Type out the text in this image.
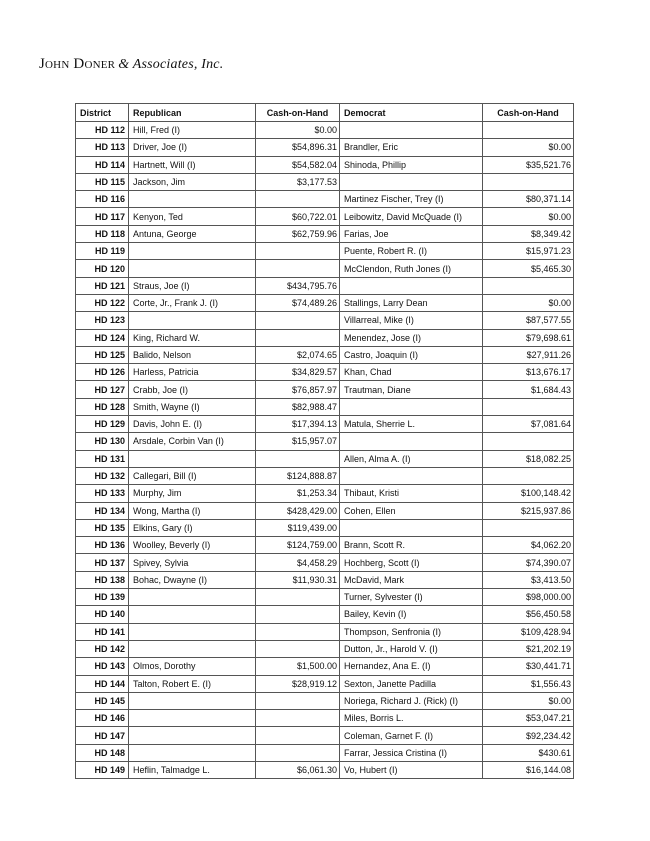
John Doner & Associates, Inc.
District	Republican	Cash-on-Hand	Democrat	Cash-on-Hand
HD 112	Hill, Fred (I)	$0.00		
HD 113	Driver, Joe (I)	$54,896.31	Brandler, Eric	$0.00
HD 114	Hartnett, Will (I)	$54,582.04	Shinoda, Phillip	$35,521.76
HD 115	Jackson, Jim	$3,177.53		
HD 116			Martinez Fischer, Trey (I)	$80,371.14
HD 117	Kenyon, Ted	$60,722.01	Leibowitz, David McQuade (I)	$0.00
HD 118	Antuna, George	$62,759.96	Farias, Joe	$8,349.42
HD 119			Puente, Robert R. (I)	$15,971.23
HD 120			McClendon, Ruth Jones (I)	$5,465.30
HD 121	Straus, Joe (I)	$434,795.76		
HD 122	Corte, Jr., Frank J. (I)	$74,489.26	Stallings, Larry Dean	$0.00
HD 123			Villarreal, Mike (I)	$87,577.55
HD 124	King, Richard W.		Menendez, Jose (I)	$79,698.61
HD 125	Balido, Nelson	$2,074.65	Castro, Joaquin (I)	$27,911.26
HD 126	Harless, Patricia	$34,829.57	Khan, Chad	$13,676.17
HD 127	Crabb, Joe (I)	$76,857.97	Trautman, Diane	$1,684.43
HD 128	Smith, Wayne (I)	$82,988.47		
HD 129	Davis, John E. (I)	$17,394.13	Matula, Sherrie L.	$7,081.64
HD 130	Arsdale, Corbin Van (I)	$15,957.07		
HD 131			Allen, Alma A. (I)	$18,082.25
HD 132	Callegari, Bill (I)	$124,888.87		
HD 133	Murphy, Jim	$1,253.34	Thibaut, Kristi	$100,148.42
HD 134	Wong, Martha (I)	$428,429.00	Cohen, Ellen	$215,937.86
HD 135	Elkins, Gary (I)	$119,439.00		
HD 136	Woolley, Beverly (I)	$124,759.00	Brann, Scott R.	$4,062.20
HD 137	Spivey, Sylvia	$4,458.29	Hochberg, Scott (I)	$74,390.07
HD 138	Bohac, Dwayne (I)	$11,930.31	McDavid, Mark	$3,413.50
HD 139			Turner, Sylvester (I)	$98,000.00
HD 140			Bailey, Kevin (I)	$56,450.58
HD 141			Thompson, Senfronia (I)	$109,428.94
HD 142			Dutton, Jr., Harold V. (I)	$21,202.19
HD 143	Olmos, Dorothy	$1,500.00	Hernandez, Ana E. (I)	$30,441.71
HD 144	Talton, Robert E. (I)	$28,919.12	Sexton, Janette Padilla	$1,556.43
HD 145			Noriega, Richard J. (Rick) (I)	$0.00
HD 146			Miles, Borris L.	$53,047.21
HD 147			Coleman, Garnet F. (I)	$92,234.42
HD 148			Farrar, Jessica Cristina (I)	$430.61
HD 149	Heflin, Talmadge L.	$6,061.30	Vo, Hubert (I)	$16,144.08
